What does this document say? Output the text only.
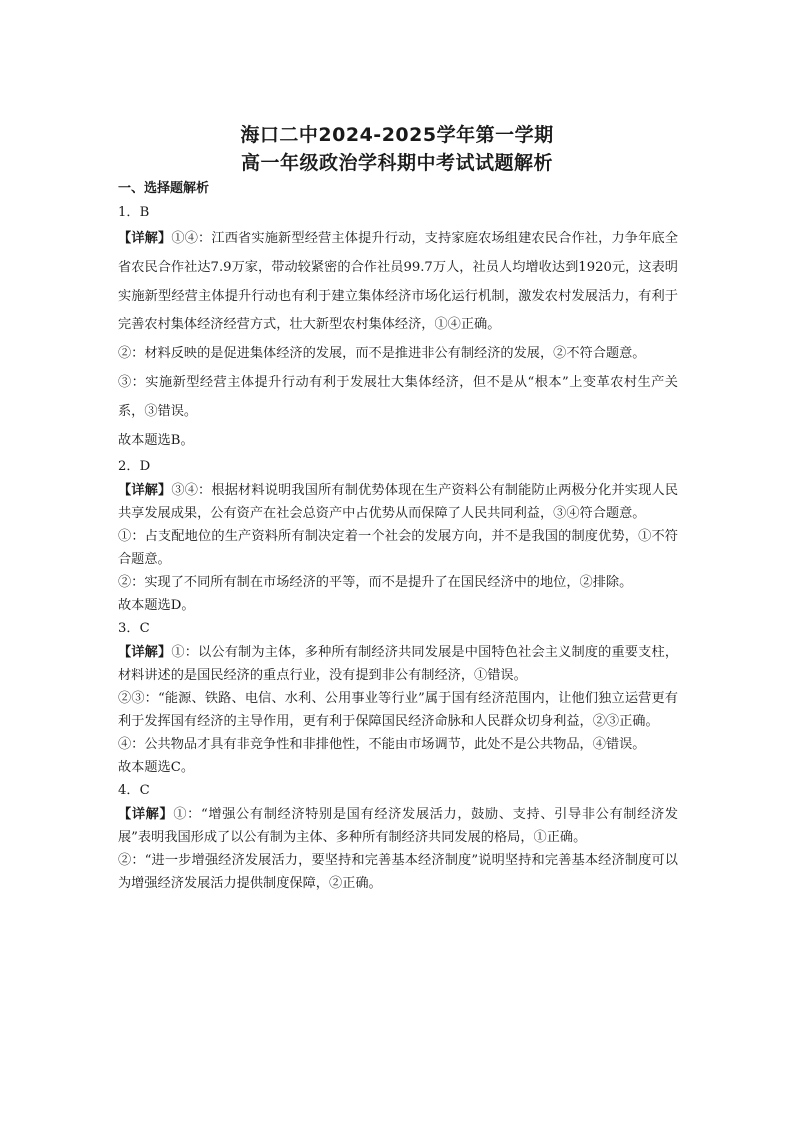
海口二中2024-2025学年第一学期
高一年级政治学科期中考试试题解析
一、选择题解析
1．B

【详解】①④：江西省实施新型经营主体提升行动，支持家庭农场组建农民合作社，力争年底全省农民合作社达7.9万家，带动较紧密的合作社员99.7万人，社员人均增收达到1920元，这表明实施新型经营主体提升行动也有利于建立集体经济市场化运行机制，激发农村发展活力，有利于完善农村集体经济经营方式，壮大新型农村集体经济，①④正确。

②：材料反映的是促进集体经济的发展，而不是推进非公有制经济的发展，②不符合题意。

③：实施新型经营主体提升行动有利于发展壮大集体经济，但不是从“根本”上变革农村生产关系，③错误。

故本题选B。

2．D

【详解】③④：根据材料说明我国所有制优势体现在生产资料公有制能防止两极分化并实现人民共享发展成果，公有资产在社会总资产中占优势从而保障了人民共同利益，③④符合题意。

①：占支配地位的生产资料所有制决定着一个社会的发展方向，并不是我国的制度优势，①不符合题意。

②：实现了不同所有制在市场经济的平等，而不是提升了在国民经济中的地位，②排除。

故本题选D。

3．C

【详解】①：以公有制为主体，多种所有制经济共同发展是中国特色社会主义制度的重要支柱，材料讲述的是国民经济的重点行业，没有提到非公有制经济，①错误。

②③：“能源、铁路、电信、水利、公用事业等行业”属于国有经济范围内，让他们独立运营更有利于发挥国有经济的主导作用，更有利于保障国民经济命脉和人民群众切身利益，②③正确。

④：公共物品才具有非竞争性和非排他性，不能由市场调节，此处不是公共物品，④错误。

故本题选C。

4．C

【详解】①：“增强公有制经济特别是国有经济发展活力，鼓励、支持、引导非公有制经济发展”表明我国形成了以公有制为主体、多种所有制经济共同发展的格局，①正确。

②：“进一步增强经济发展活力，要坚持和完善基本经济制度”说明坚持和完善基本经济制度可以为增强经济发展活力提供制度保障，②正确。
